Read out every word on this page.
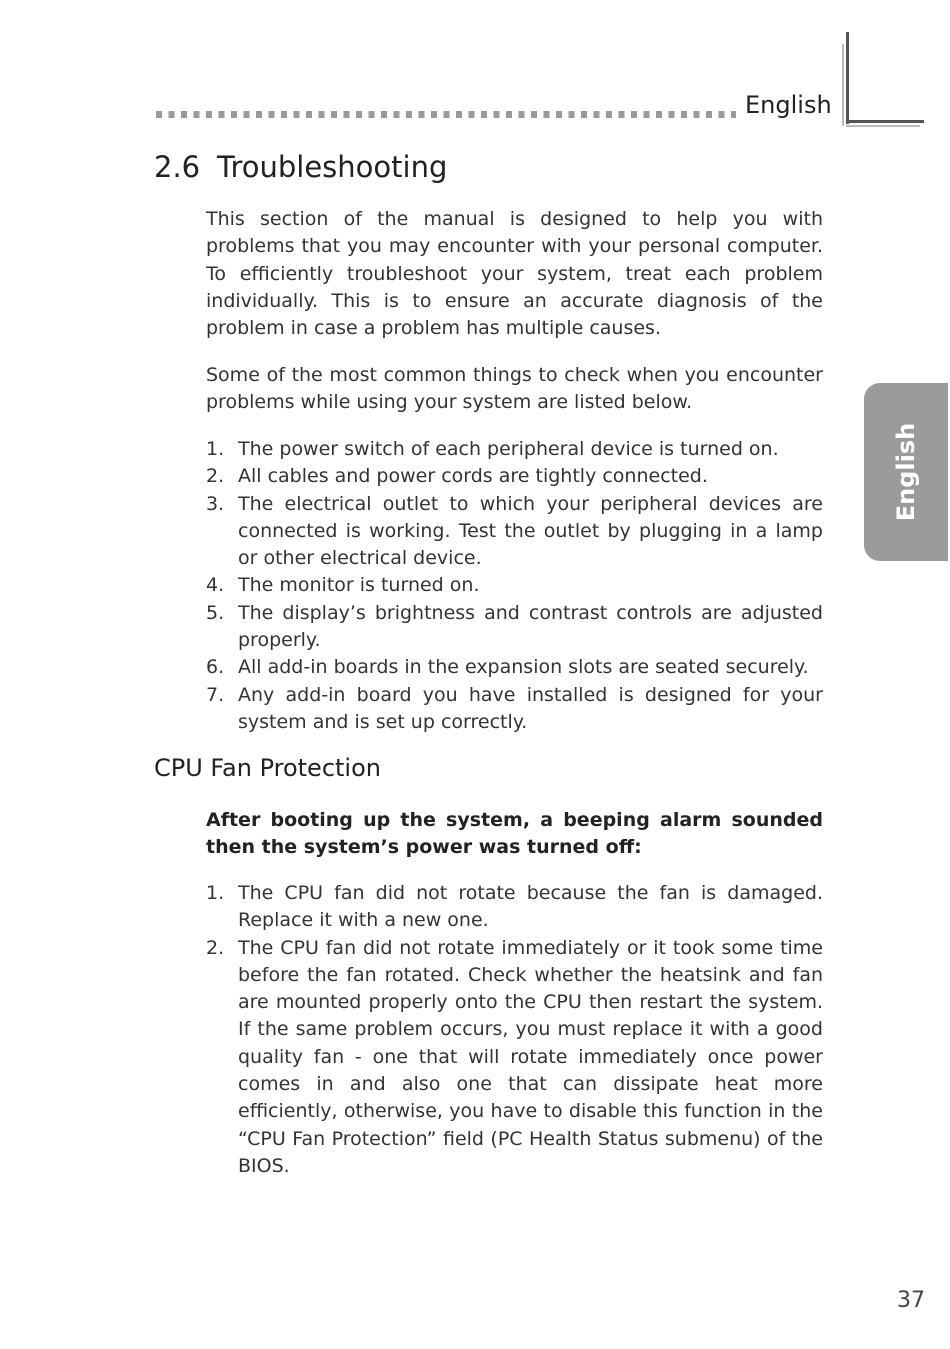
English
English
2.6 Troubleshooting

This section of the manual is designed to help you with problems that you may encounter with your personal computer. To efficiently troubleshoot your system, treat each problem individually. This is to ensure an accurate diagnosis of the problem in case a problem has multiple causes.

Some of the most common things to check when you encounter problems while using your system are listed below.

1. The power switch of each peripheral device is turned on.
2. All cables and power cords are tightly connected.
3. The electrical outlet to which your peripheral devices are connected is working. Test the outlet by plugging in a lamp or other electrical device.
4. The monitor is turned on.
5. The display’s brightness and contrast controls are adjusted properly.
6. All add-in boards in the expansion slots are seated securely.
7. Any add-in board you have installed is designed for your system and is set up correctly.
CPU Fan Protection

After booting up the system, a beeping alarm sounded then the system’s power was turned off:

1. The CPU fan did not rotate because the fan is damaged. Replace it with a new one.
2. The CPU fan did not rotate immediately or it took some time before the fan rotated. Check whether the heatsink and fan are mounted properly onto the CPU then restart the system. If the same problem occurs, you must replace it with a good quality fan - one that will rotate immediately once power comes in and also one that can dissipate heat more efficiently, otherwise, you have to disable this function in the “CPU Fan Protection” field (PC Health Status submenu) of the BIOS.
37
